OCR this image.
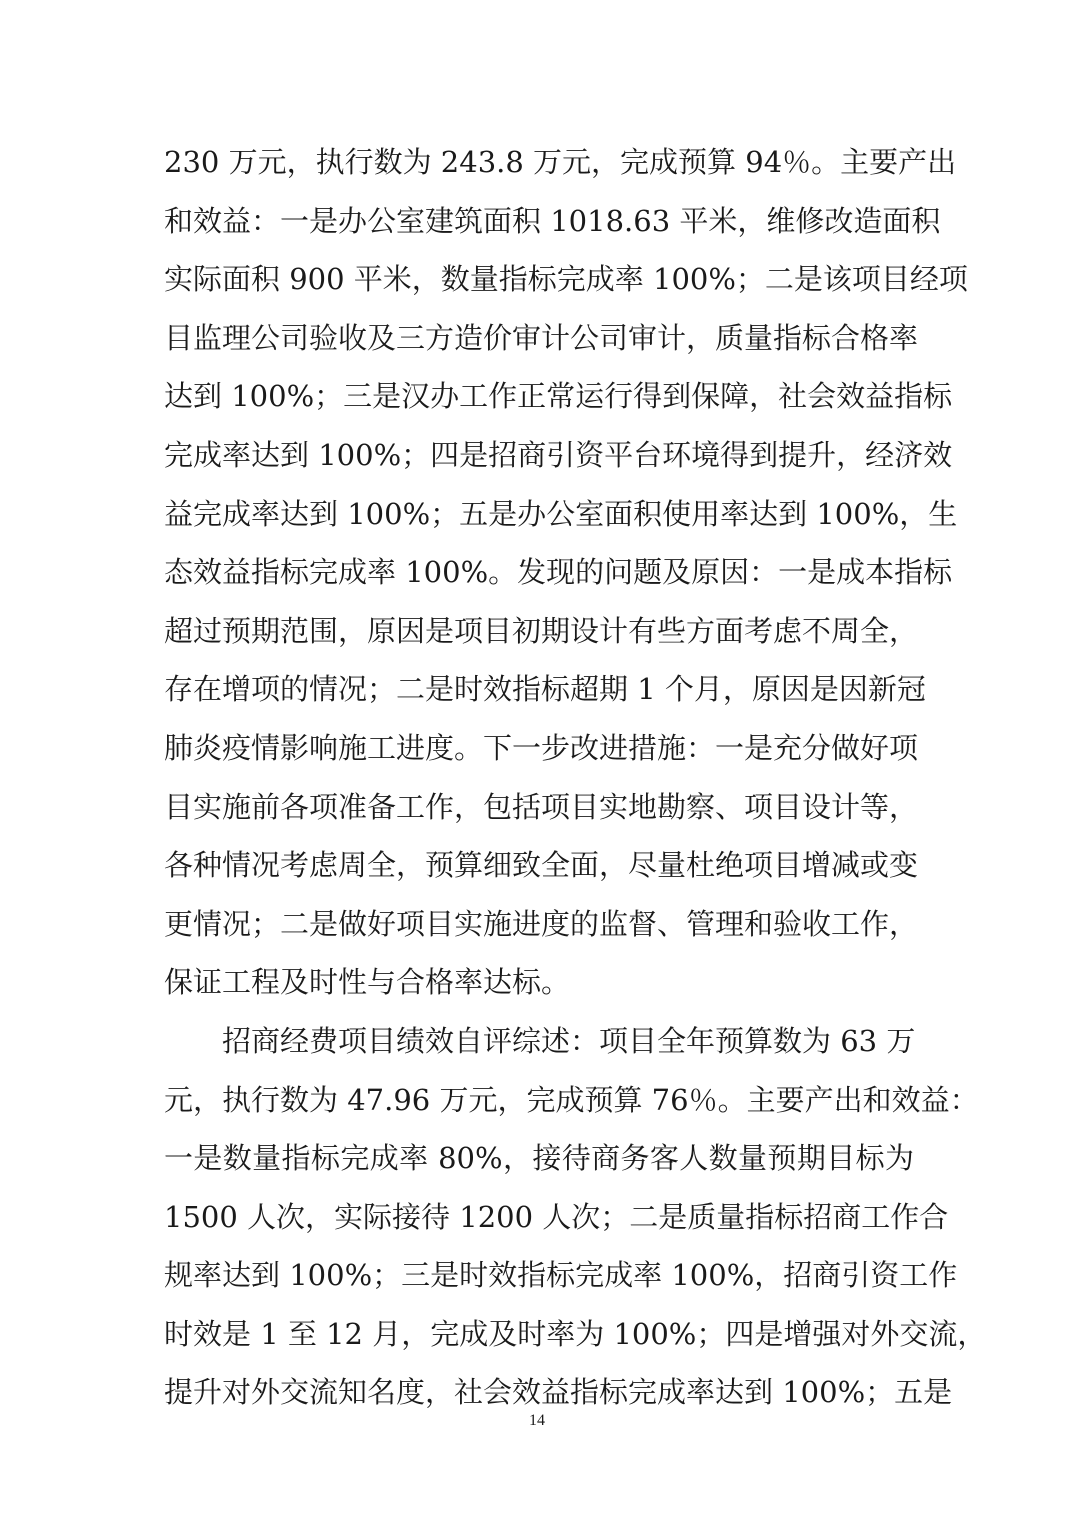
230 万元，执行数为 243.8 万元，完成预算 94％。主要产出
和效益：一是办公室建筑面积 1018.63 平米，维修改造面积
实际面积 900 平米，数量指标完成率 100%；二是该项目经项
目监理公司验收及三方造价审计公司审计，质量指标合格率
达到 100%；三是汉办工作正常运行得到保障，社会效益指标
完成率达到 100%；四是招商引资平台环境得到提升，经济效
益完成率达到 100%；五是办公室面积使用率达到 100%，生
态效益指标完成率 100%。发现的问题及原因：一是成本指标
超过预期范围，原因是项目初期设计有些方面考虑不周全，
存在增项的情况；二是时效指标超期 1 个月，原因是因新冠
肺炎疫情影响施工进度。下一步改进措施：一是充分做好项
目实施前各项准备工作，包括项目实地勘察、项目设计等，
各种情况考虑周全，预算细致全面，尽量杜绝项目增减或变
更情况；二是做好项目实施进度的监督、管理和验收工作，
保证工程及时性与合格率达标。
招商经费项目绩效自评综述：项目全年预算数为 63 万
元，执行数为 47.96 万元，完成预算 76％。主要产出和效益：
一是数量指标完成率 80%，接待商务客人数量预期目标为
1500 人次，实际接待 1200 人次；二是质量指标招商工作合
规率达到 100%；三是时效指标完成率 100%，招商引资工作
时效是 1 至 12 月，完成及时率为 100%；四是增强对外交流，
提升对外交流知名度，社会效益指标完成率达到 100%；五是
14
